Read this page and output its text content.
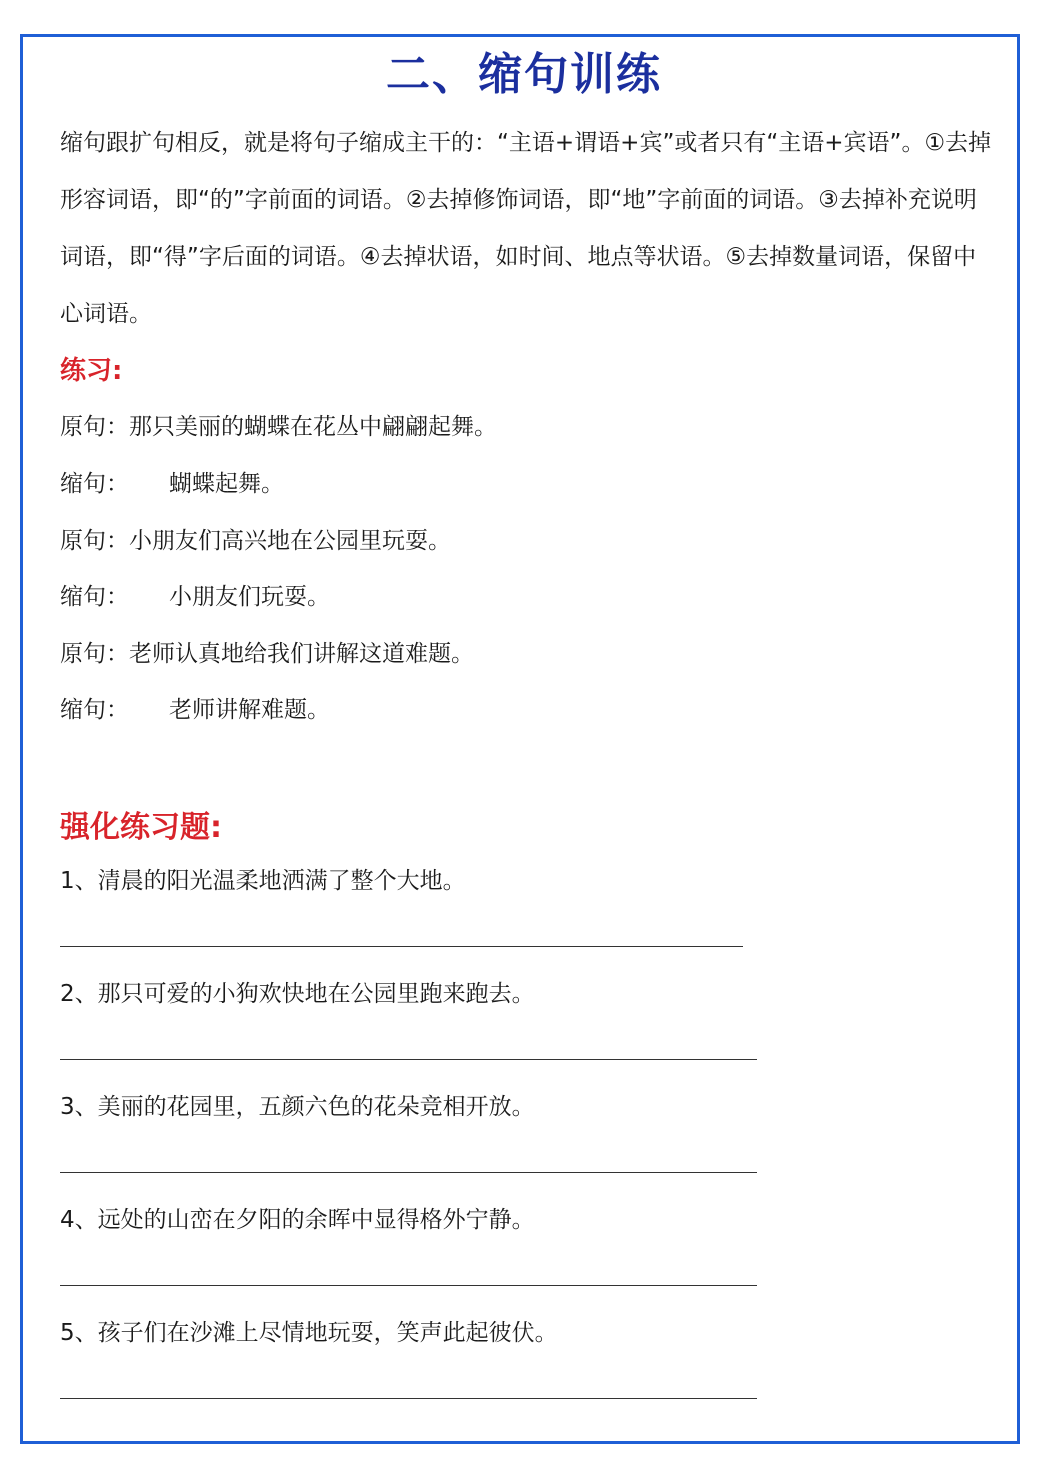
二、缩句训练
缩句跟扩句相反，就是将句子缩成主干的：“主语+谓语+宾”或者只有“主语+宾语”。①去掉形容词语，即“的”字前面的词语。②去掉修饰词语，即“地”字前面的词语。③去掉补充说明词语，即“得”字后面的词语。④去掉状语，如时间、地点等状语。⑤去掉数量词语，保留中心词语。
练习:
原句：那只美丽的蝴蝶在花丛中翩翩起舞。
缩句： 蝴蝶起舞。
原句：小朋友们高兴地在公园里玩耍。
缩句： 小朋友们玩耍。
原句：老师认真地给我们讲解这道难题。
缩句： 老师讲解难题。
强化练习题:
1、清晨的阳光温柔地洒满了整个大地。
2、那只可爱的小狗欢快地在公园里跑来跑去。
3、美丽的花园里，五颜六色的花朵竞相开放。
4、远处的山峦在夕阳的余晖中显得格外宁静。
5、孩子们在沙滩上尽情地玩耍，笑声此起彼伏。
